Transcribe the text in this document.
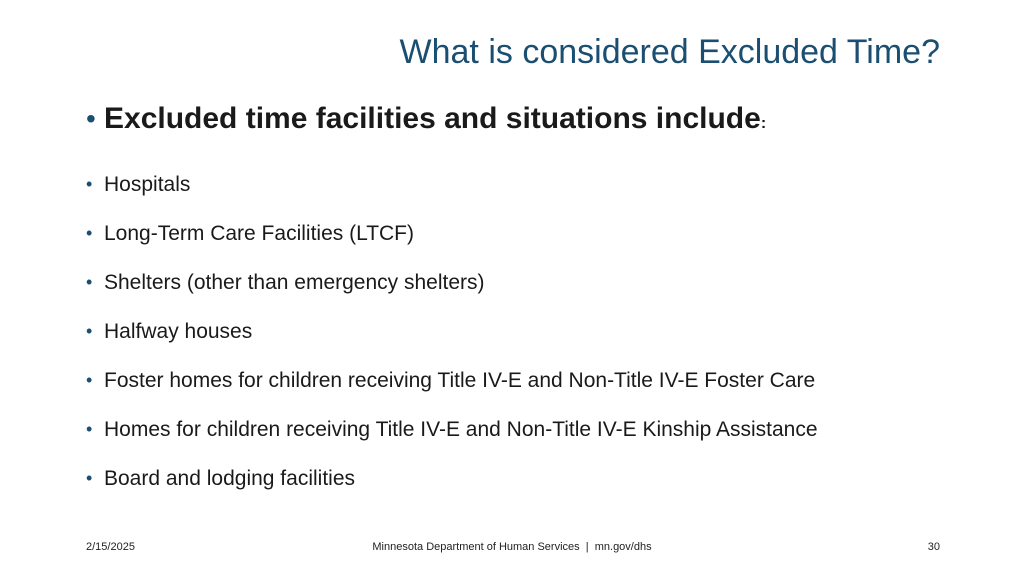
What is considered Excluded Time?
• Excluded time facilities and situations include :
• Hospitals
• Long-Term Care Facilities (LTCF)
• Shelters (other than emergency shelters)
• Halfway houses
• Foster homes for children receiving Title IV-E and Non-Title IV-E Foster Care
• Homes for children receiving Title IV-E and Non-Title IV-E Kinship Assistance
• Board and lodging facilities
2/15/2025	Minnesota Department of Human Services  |  mn.gov/dhs	30
